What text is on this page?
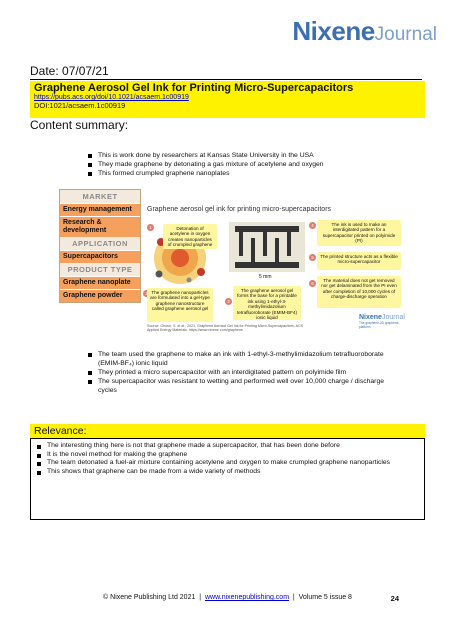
NixeneJournal
Date: 07/07/21
Graphene Aerosol Gel Ink for Printing Micro-Supercapacitors
https://pubs.acs.org/doi/10.1021/acsaem.1c00919
DOI:1021/acsaem.1c00919
Content summary:
This is work done by researchers at Kansas State University in the USA
They made graphene by detonating a gas mixture of acetylene and oxygen
This formed crumpled graphene nanoplates
MARKET
Energy management
Research & development
APPLICATION
Supercapacitors
PRODUCT TYPE
Graphene nanoplate
Graphene powder
Graphene aerosol gel ink for printing micro-supercapacitors
1	Detonation of acetylene in oxygen creates nanoparticles of crumpled graphene
The graphene nanoparticles are formulated into a gel-type graphene nanostructure called graphene aerosol gel
5 mm
3
The graphene aerosol gel forms the base for a printable ink using 1-ethyl-3-methylimidazolium tetrafluoroborate (EMIM-BF4) ionic liquid
4	The ink is used to make an interdigitated pattern for a supercapacitor printed on polyimide (PI)
5	The printed structure acts as a flexible micro-supercapacitor
6
The material does not get removed nor get delaminated from the PI even after completion of 10,000 cycles of charge-discharge operation
Source: Ghosh, S. et al., 2021, Graphene Aerosol Gel Ink for Printing Micro-Supercapacitors, ACS Applied Energy Materials. https://www.nixene.com/graphene
NixeneJournal
The graphene-2D graphene-platform
The team used the graphene to make an ink with 1-ethyl-3-methylimidazolium tetrafluoroborate (EMIM-BF₄) ionic liquid
They printed a micro supercapacitor with an interdigitated pattern on polyimide film
The supercapacitor was resistant to wetting and performed well over 10,000 charge / discharge cycles
Relevance:
The interesting thing here is not that graphene made a supercapacitor, that has been done before
It is the novel method for making the graphene
The team detonated a fuel-air mixture containing acetylene and oxygen to make crumpled graphene nanoparticles
This shows that graphene can be made from a wide variety of methods
© Nixene Publishing Ltd 2021 | www.nixenepublishing.com | Volume 5 issue 8	24
